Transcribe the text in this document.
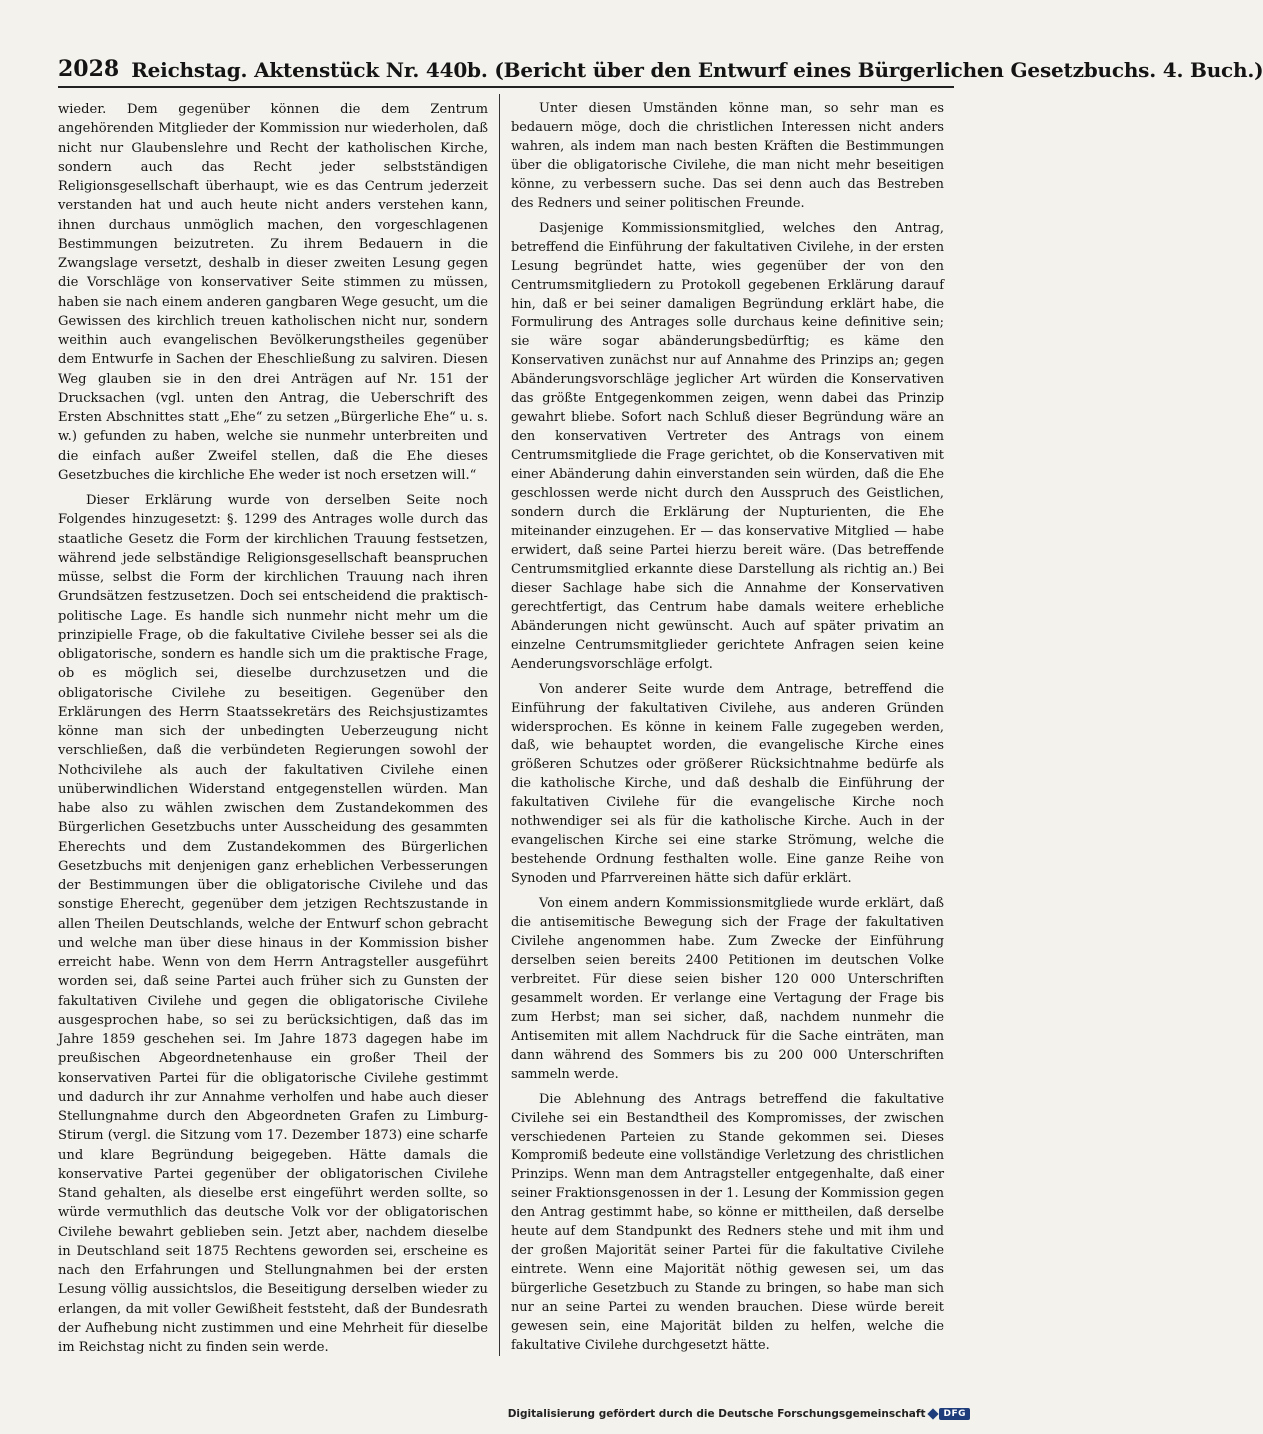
2028 Reichstag. Aktenstück Nr. 440b. (Bericht über den Entwurf eines Bürgerlichen Gesetzbuchs. 4. Buch.)

wieder. Dem gegenüber können die dem Zentrum angehörenden Mitglieder der Kommission nur wiederholen, daß nicht nur Glaubenslehre und Recht der katholischen Kirche, sondern auch das Recht jeder selbstständigen Religionsgesellschaft überhaupt, wie es das Centrum jederzeit verstanden hat und auch heute nicht anders verstehen kann, ihnen durchaus unmöglich machen, den vorgeschlagenen Bestimmungen beizutreten. Zu ihrem Bedauern in die Zwangslage versetzt, deshalb in dieser zweiten Lesung gegen die Vorschläge von konservativer Seite stimmen zu müssen, haben sie nach einem anderen gangbaren Wege gesucht, um die Gewissen des kirchlich treuen katholischen nicht nur, sondern weithin auch evangelischen Bevölkerungstheiles gegenüber dem Entwurfe in Sachen der Eheschließung zu salviren. Diesen Weg glauben sie in den drei Anträgen auf Nr. 151 der Drucksachen (vgl. unten den Antrag, die Ueberschrift des Ersten Abschnittes statt „Ehe“ zu setzen „Bürgerliche Ehe“ u. s. w.) gefunden zu haben, welche sie nunmehr unterbreiten und die einfach außer Zweifel stellen, daß die Ehe dieses Gesetzbuches die kirchliche Ehe weder ist noch ersetzen will.“

Dieser Erklärung wurde von derselben Seite noch Folgendes hinzugesetzt: §. 1299 des Antrages wolle durch das staatliche Gesetz die Form der kirchlichen Trauung festsetzen, während jede selbständige Religionsgesellschaft beanspruchen müsse, selbst die Form der kirchlichen Trauung nach ihren Grundsätzen festzusetzen. Doch sei entscheidend die praktisch-politische Lage. Es handle sich nunmehr nicht mehr um die prinzipielle Frage, ob die fakultative Civilehe besser sei als die obligatorische, sondern es handle sich um die praktische Frage, ob es möglich sei, dieselbe durchzusetzen und die obligatorische Civilehe zu beseitigen. Gegenüber den Erklärungen des Herrn Staatssekretärs des Reichsjustizamtes könne man sich der unbedingten Ueberzeugung nicht verschließen, daß die verbündeten Regierungen sowohl der Nothcivilehe als auch der fakultativen Civilehe einen unüberwindlichen Widerstand entgegenstellen würden. Man habe also zu wählen zwischen dem Zustandekommen des Bürgerlichen Gesetzbuchs unter Ausscheidung des gesammten Eherechts und dem Zustandekommen des Bürgerlichen Gesetzbuchs mit denjenigen ganz erheblichen Verbesserungen der Bestimmungen über die obligatorische Civilehe und das sonstige Eherecht, gegenüber dem jetzigen Rechtszustande in allen Theilen Deutschlands, welche der Entwurf schon gebracht und welche man über diese hinaus in der Kommission bisher erreicht habe. Wenn von dem Herrn Antragsteller ausgeführt worden sei, daß seine Partei auch früher sich zu Gunsten der fakultativen Civilehe und gegen die obligatorische Civilehe ausgesprochen habe, so sei zu berücksichtigen, daß das im Jahre 1859 geschehen sei. Im Jahre 1873 dagegen habe im preußischen Abgeordnetenhause ein großer Theil der konservativen Partei für die obligatorische Civilehe gestimmt und dadurch ihr zur Annahme verholfen und habe auch dieser Stellungnahme durch den Abgeordneten Grafen zu Limburg-Stirum (vergl. die Sitzung vom 17. Dezember 1873) eine scharfe und klare Begründung beigegeben. Hätte damals die konservative Partei gegenüber der obligatorischen Civilehe Stand gehalten, als dieselbe erst eingeführt werden sollte, so würde vermuthlich das deutsche Volk vor der obligatorischen Civilehe bewahrt geblieben sein. Jetzt aber, nachdem dieselbe in Deutschland seit 1875 Rechtens geworden sei, erscheine es nach den Erfahrungen und Stellungnahmen bei der ersten Lesung völlig aussichtslos, die Beseitigung derselben wieder zu erlangen, da mit voller Gewißheit feststeht, daß der Bundesrath der Aufhebung nicht zustimmen und eine Mehrheit für dieselbe im Reichstag nicht zu finden sein werde.

Unter diesen Umständen könne man, so sehr man es bedauern möge, doch die christlichen Interessen nicht anders wahren, als indem man nach besten Kräften die Bestimmungen über die obligatorische Civilehe, die man nicht mehr beseitigen könne, zu verbessern suche. Das sei denn auch das Bestreben des Redners und seiner politischen Freunde.

Dasjenige Kommissionsmitglied, welches den Antrag, betreffend die Einführung der fakultativen Civilehe, in der ersten Lesung begründet hatte, wies gegenüber der von den Centrumsmitgliedern zu Protokoll gegebenen Erklärung darauf hin, daß er bei seiner damaligen Begründung erklärt habe, die Formulirung des Antrages solle durchaus keine definitive sein; sie wäre sogar abänderungsbedürftig; es käme den Konservativen zunächst nur auf Annahme des Prinzips an; gegen Abänderungsvorschläge jeglicher Art würden die Konservativen das größte Entgegenkommen zeigen, wenn dabei das Prinzip gewahrt bliebe. Sofort nach Schluß dieser Begründung wäre an den konservativen Vertreter des Antrags von einem Centrumsmitgliede die Frage gerichtet, ob die Konservativen mit einer Abänderung dahin einverstanden sein würden, daß die Ehe geschlossen werde nicht durch den Ausspruch des Geistlichen, sondern durch die Erklärung der Nupturienten, die Ehe miteinander einzugehen. Er — das konservative Mitglied — habe erwidert, daß seine Partei hierzu bereit wäre. (Das betreffende Centrumsmitglied erkannte diese Darstellung als richtig an.) Bei dieser Sachlage habe sich die Annahme der Konservativen gerechtfertigt, das Centrum habe damals weitere erhebliche Abänderungen nicht gewünscht. Auch auf später privatim an einzelne Centrumsmitglieder gerichtete Anfragen seien keine Aenderungsvorschläge erfolgt.

Von anderer Seite wurde dem Antrage, betreffend die Einführung der fakultativen Civilehe, aus anderen Gründen widersprochen. Es könne in keinem Falle zugegeben werden, daß, wie behauptet worden, die evangelische Kirche eines größeren Schutzes oder größerer Rücksichtnahme bedürfe als die katholische Kirche, und daß deshalb die Einführung der fakultativen Civilehe für die evangelische Kirche noch nothwendiger sei als für die katholische Kirche. Auch in der evangelischen Kirche sei eine starke Strömung, welche die bestehende Ordnung festhalten wolle. Eine ganze Reihe von Synoden und Pfarrvereinen hätte sich dafür erklärt.

Von einem andern Kommissionsmitgliede wurde erklärt, daß die antisemitische Bewegung sich der Frage der fakultativen Civilehe angenommen habe. Zum Zwecke der Einführung derselben seien bereits 2400 Petitionen im deutschen Volke verbreitet. Für diese seien bisher 120 000 Unterschriften gesammelt worden. Er verlange eine Vertagung der Frage bis zum Herbst; man sei sicher, daß, nachdem nunmehr die Antisemiten mit allem Nachdruck für die Sache einträten, man dann während des Sommers bis zu 200 000 Unterschriften sammeln werde.

Die Ablehnung des Antrags betreffend die fakultative Civilehe sei ein Bestandtheil des Kompromisses, der zwischen verschiedenen Parteien zu Stande gekommen sei. Dieses Kompromiß bedeute eine vollständige Verletzung des christlichen Prinzips. Wenn man dem Antragsteller entgegenhalte, daß einer seiner Fraktionsgenossen in der 1. Lesung der Kommission gegen den Antrag gestimmt habe, so könne er mittheilen, daß derselbe heute auf dem Standpunkt des Redners stehe und mit ihm und der großen Majorität seiner Partei für die fakultative Civilehe eintrete. Wenn eine Majorität nöthig gewesen sei, um das bürgerliche Gesetzbuch zu Stande zu bringen, so habe man sich nur an seine Partei zu wenden brauchen. Diese würde bereit gewesen sein, eine Majorität bilden zu helfen, welche die fakultative Civilehe durchgesetzt hätte.

Digitalisierung gefördert durch die Deutsche Forschungsgemeinschaft	DFG
